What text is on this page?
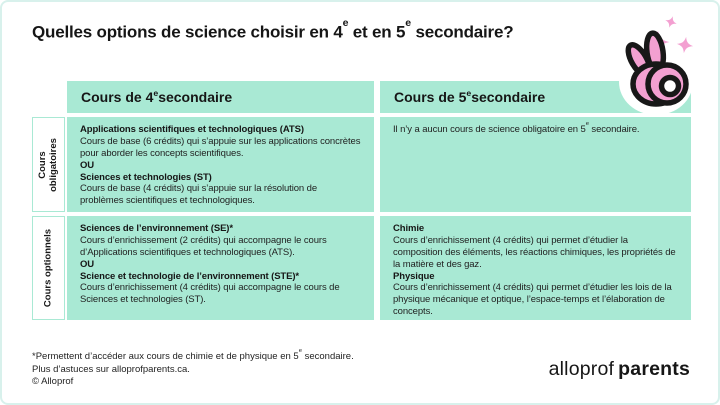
Quelles options de science choisir en 4e et en 5e secondaire?
Cours de 4e secondaire	Cours de 5e secondaire
Cours obligatoires
Applications scientifiques et technologiques (ATS)
Cours de base (6 crédits) qui s’appuie sur les applications concrètes pour aborder les concepts scientifiques.
OU
Sciences et technologies (ST)
Cours de base (4 crédits) qui s’appuie sur la résolution de problèmes scientifiques et technologiques.
Il n’y a aucun cours de science obligatoire en 5e secondaire.
Cours optionnels
Sciences de l’environnement (SE)*
Cours d’enrichissement (2 crédits) qui accompagne le cours d’Applications scientifiques et technologiques (ATS).
OU
Science et technologie de l’environnement (STE)*
Cours d’enrichissement (4 crédits) qui accompagne le cours de Sciences et technologies (ST).
Chimie
Cours d’enrichissement (4 crédits) qui permet d’étudier la composition des éléments, les réactions chimiques, les propriétés de la matière et des gaz.
Physique
Cours d’enrichissement (4 crédits) qui permet d’étudier les lois de la physique mécanique et optique, l’espace-temps et l’élaboration de concepts.
*Permettent d’accéder aux cours de chimie et de physique en 5e secondaire.
Plus d’astuces sur alloprofparents.ca.
© Alloprof
alloprof parents
